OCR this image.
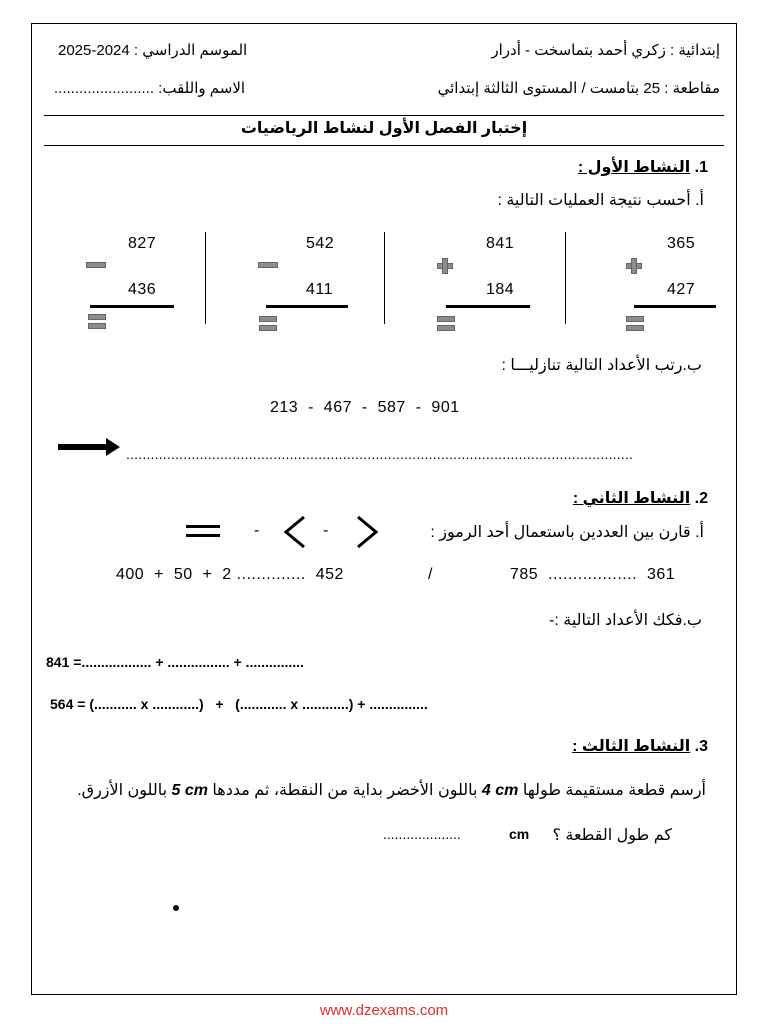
إبتدائية : زكري أحمد بتماسخت - أدرار
الموسم الدراسي : 2024-2025
مقاطعة : 25 بتامست / المستوى الثالثة إبتدائي
الاسم واللقب: ........................
إختبار الفصل الأول لنشاط الرياضيات
1. النشاط الأول :
أ. أحسب نتيجة العمليات التالية :
827
436
542
411
841
184
365
427
ب.رتب الأعداد التالية تنازليـــا :
213  -  467  -  587  -  901
............................................................................................................................
2. النشاط الثاني :
أ. قارن بين العددين باستعمال أحد الرموز :
-
-
400  +  50  +  2 ..............  452	/	785  ..................  361
ب.فكك الأعداد التالية :-
841 =.................. + ................ + ...............
564 = (........... x ............)   +   (............ x ............) + ...............
3. النشاط الثالث :
أرسم قطعة مستقيمة طولها 4 cm باللون الأخضر بداية من النقطة، ثم مددها 5 cm باللون الأزرق.
كم طول القطعة ؟
cm
....................
www.dzexams.com
